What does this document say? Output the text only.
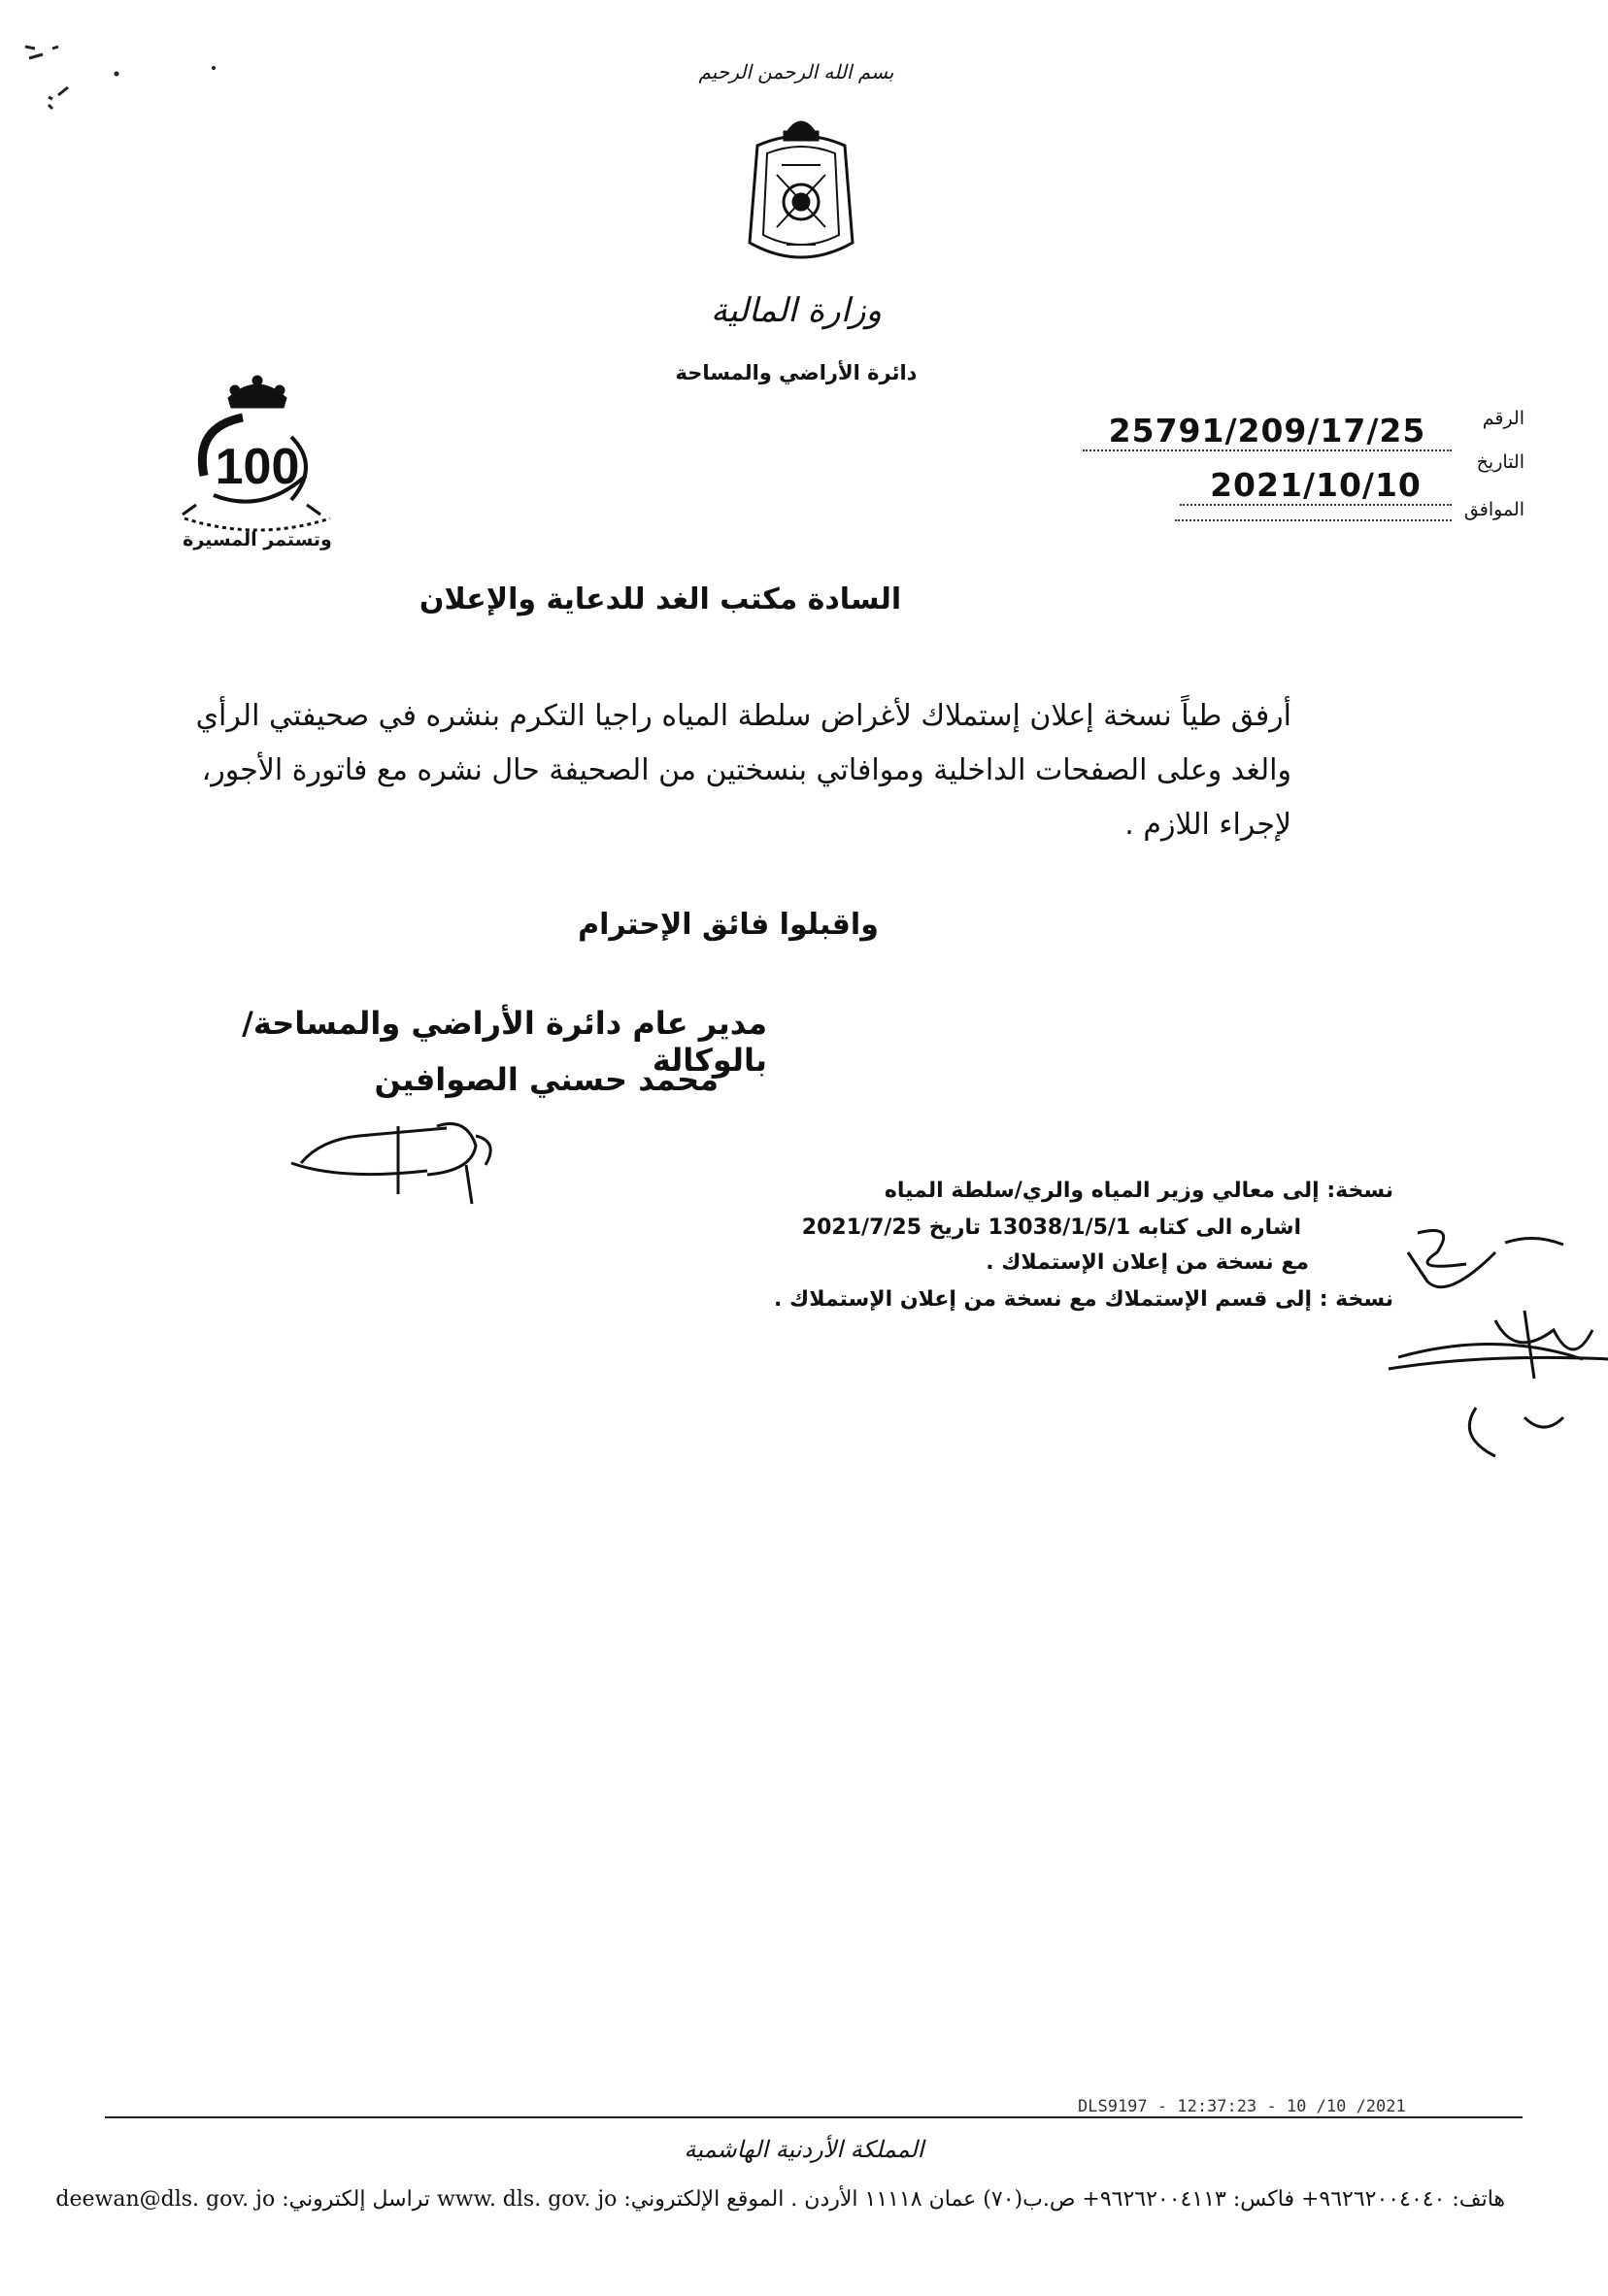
بسم الله الرحمن الرحيم
وزارة المالية
دائرة الأراضي والمساحة
100
وتستمر المسيرة
الرقم
25791/209/17/25
التاريخ
2021/10/10
الموافق
السادة مكتب الغد للدعاية والإعلان
أرفق طياً نسخة إعلان إستملاك لأغراض سلطة المياه راجيا التكرم بنشره في صحيفتي الرأي والغد وعلى الصفحات الداخلية وموافاتي بنسختين من الصحيفة حال نشره مع فاتورة الأجور، لإجراء اللازم .
واقبلوا فائق الإحترام
مدير عام دائرة الأراضي والمساحة/بالوكالة
محمد حسني الصوافين
نسخة: إلى معالي وزير المياه والري/سلطة المياه
اشاره الى كتابه 13038/1/5/1 تاريخ 2021/7/25
مع نسخة من إعلان الإستملاك .
نسخة : إلى قسم الإستملاك مع نسخة من إعلان الإستملاك .
DLS9197 - 12:37:23 - 10 /10 /2021
المملكة الأردنية الهاشمية
هاتف: ٩٦٢٦٢٠٠٤٠٤٠+ فاكس: ٩٦٢٦٢٠٠٤١١٣+ ص.ب(٧٠) عمان ١١١١٨ الأردن . الموقع الإلكتروني: www. dls. gov. jo تراسل إلكتروني: deewan@dls. gov. jo
